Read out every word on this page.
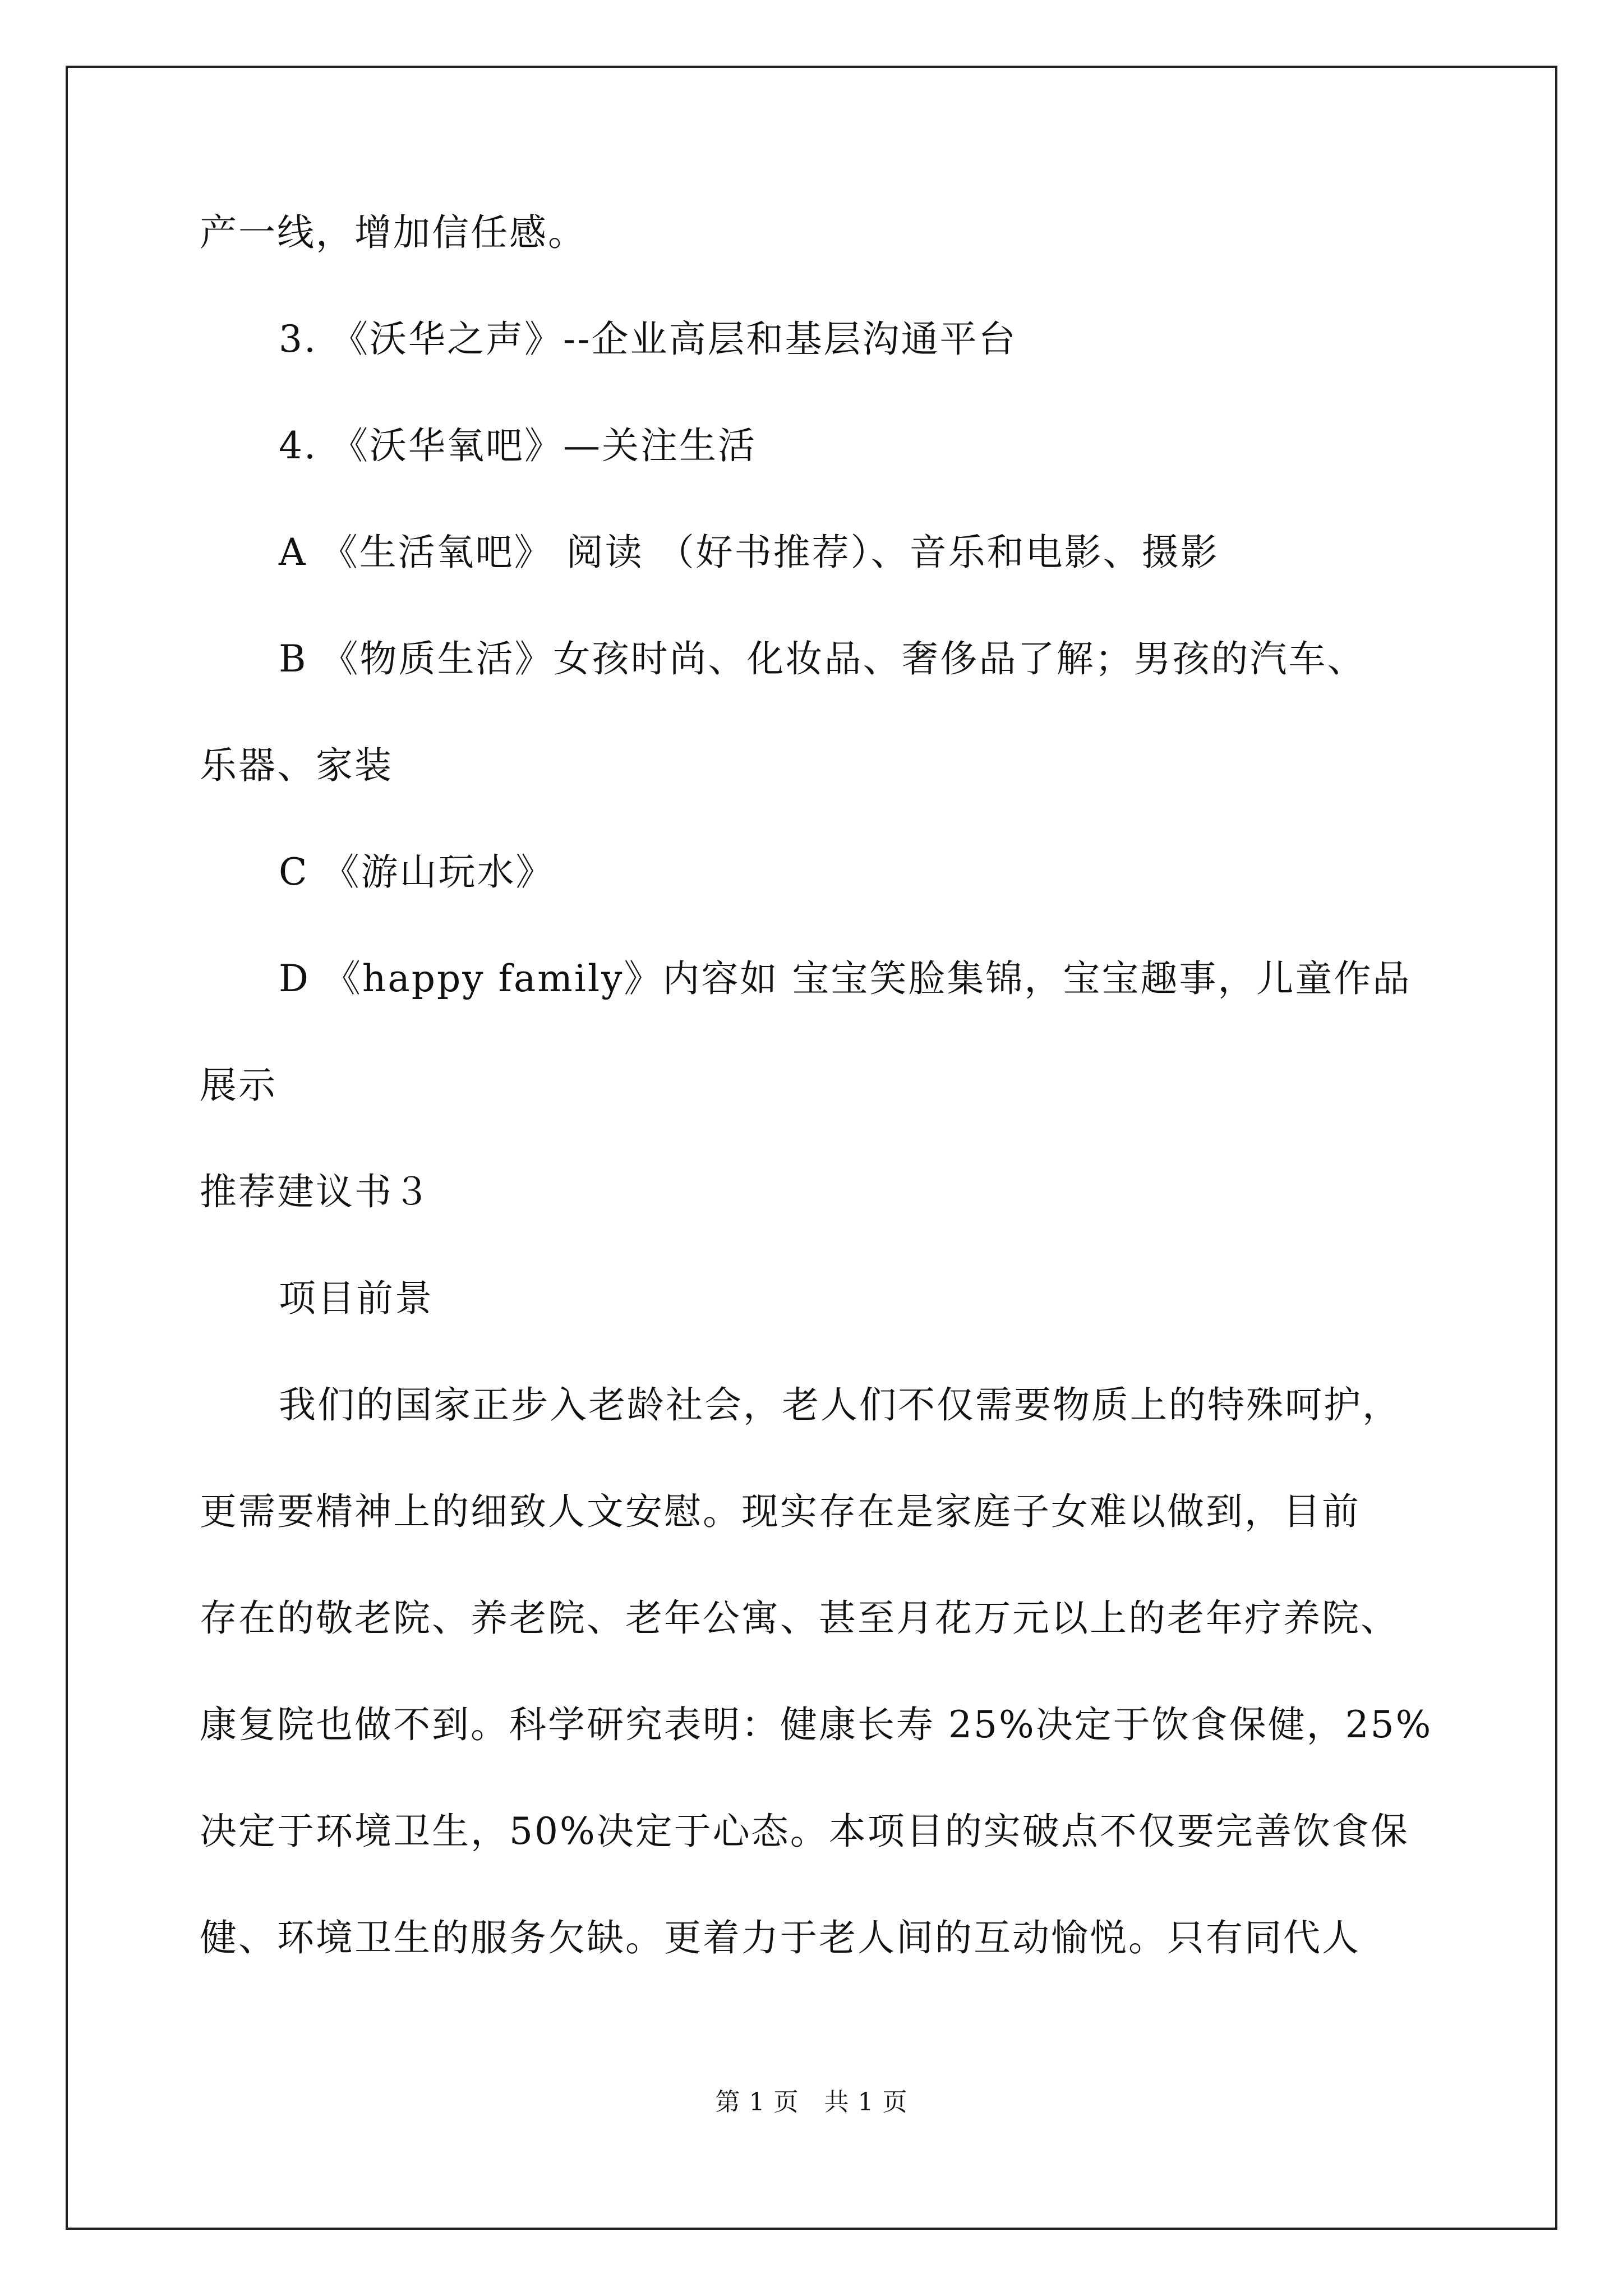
产一线，增加信任感。
3. 《沃华之声》--企业高层和基层沟通平台
4. 《沃华氧吧》—关注生活
A 《生活氧吧》 阅读 （好书推荐）、音乐和电影、摄影
B 《物质生活》女孩时尚、化妆品、奢侈品了解；男孩的汽车、
乐器、家装
C 《游山玩水》
D 《happy family》内容如 宝宝笑脸集锦，宝宝趣事，儿童作品
展示
推荐建议书３
项目前景
我们的国家正步入老龄社会，老人们不仅需要物质上的特殊呵护，
更需要精神上的细致人文安慰。现实存在是家庭子女难以做到，目前
存在的敬老院、养老院、老年公寓、甚至月花万元以上的老年疗养院、
康复院也做不到。科学研究表明：健康长寿 25%决定于饮食保健，25%
决定于环境卫生，50%决定于心态。本项目的实破点不仅要完善饮食保
健、环境卫生的服务欠缺。更着力于老人间的互动愉悦。只有同代人
第 1 页　共 1 页
